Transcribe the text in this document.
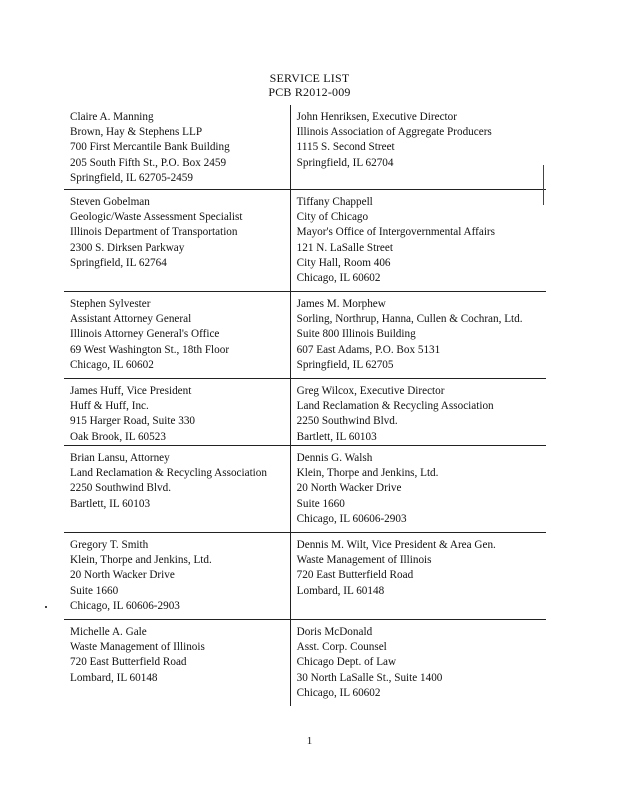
SERVICE LIST
PCB R2012-009
Claire A. Manning
Brown, Hay & Stephens LLP
700 First Mercantile Bank Building
205 South Fifth St., P.O. Box 2459
Springfield, IL 62705-2459
John Henriksen, Executive Director
Illinois Association of Aggregate Producers
1115 S. Second Street
Springfield, IL 62704
Steven Gobelman
Geologic/Waste Assessment Specialist
Illinois Department of Transportation
2300 S. Dirksen Parkway
Springfield, IL 62764
Tiffany Chappell
City of Chicago
Mayor's Office of Intergovernmental Affairs
121 N. LaSalle Street
City Hall, Room 406
Chicago, IL 60602
Stephen Sylvester
Assistant Attorney General
Illinois Attorney General's Office
69 West Washington St., 18th Floor
Chicago, IL 60602
James M. Morphew
Sorling, Northrup, Hanna, Cullen & Cochran, Ltd.
Suite 800 Illinois Building
607 East Adams, P.O. Box 5131
Springfield, IL 62705
James Huff, Vice President
Huff & Huff, Inc.
915 Harger Road, Suite 330
Oak Brook, IL 60523
Greg Wilcox, Executive Director
Land Reclamation & Recycling Association
2250 Southwind Blvd.
Bartlett, IL 60103
Brian Lansu, Attorney
Land Reclamation & Recycling Association
2250 Southwind Blvd.
Bartlett, IL 60103
Dennis G. Walsh
Klein, Thorpe and Jenkins, Ltd.
20 North Wacker Drive
Suite 1660
Chicago, IL 60606-2903
Gregory T. Smith
Klein, Thorpe and Jenkins, Ltd.
20 North Wacker Drive
Suite 1660
Chicago, IL 60606-2903
Dennis M. Wilt, Vice President & Area Gen.
Waste Management of Illinois
720 East Butterfield Road
Lombard, IL 60148
Michelle A. Gale
Waste Management of Illinois
720 East Butterfield Road
Lombard, IL 60148
Doris McDonald
Asst. Corp. Counsel
Chicago Dept. of Law
30 North LaSalle St., Suite 1400
Chicago, IL 60602
1
